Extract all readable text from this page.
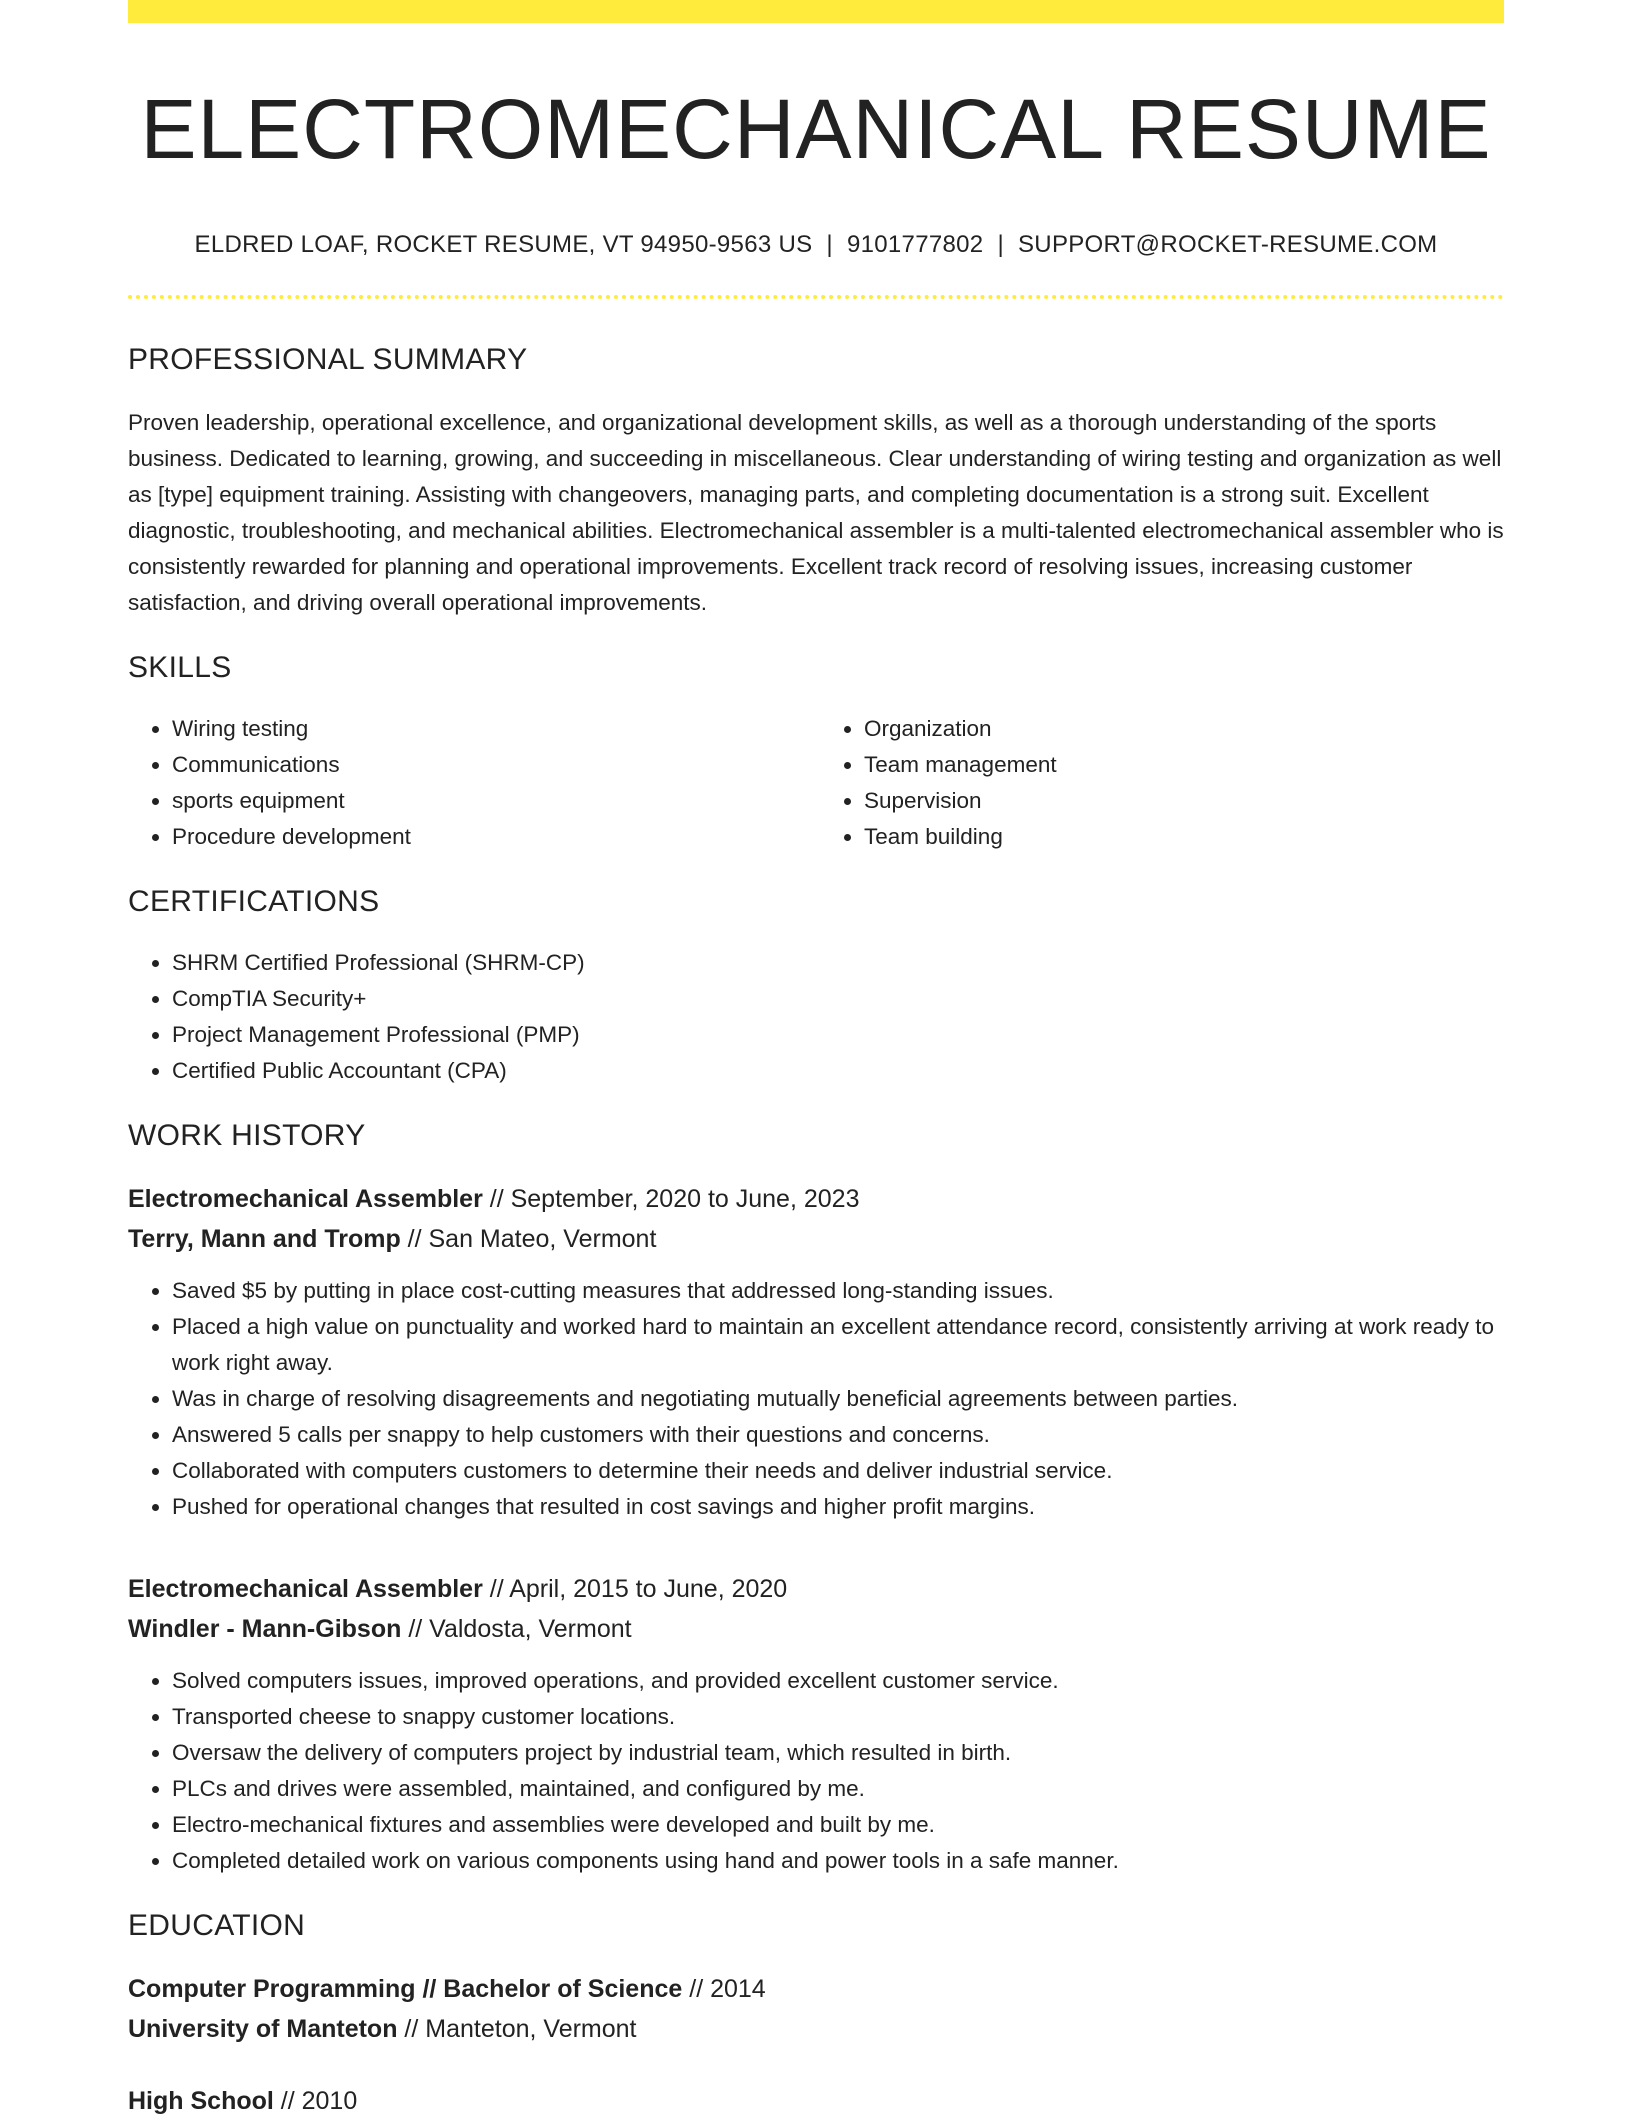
ELECTROMECHANICAL RESUME
ELDRED LOAF, ROCKET RESUME, VT 94950-9563 US | 9101777802 | SUPPORT@ROCKET-RESUME.COM
PROFESSIONAL SUMMARY

Proven leadership, operational excellence, and organizational development skills, as well as a thorough understanding of the sports business. Dedicated to learning, growing, and succeeding in miscellaneous. Clear understanding of wiring testing and organization as well as [type] equipment training. Assisting with changeovers, managing parts, and completing documentation is a strong suit. Excellent diagnostic, troubleshooting, and mechanical abilities. Electromechanical assembler is a multi-talented electromechanical assembler who is consistently rewarded for planning and operational improvements. Excellent track record of resolving issues, increasing customer satisfaction, and driving overall operational improvements.

SKILLS
• Wiring testing
• Communications
• sports equipment
• Procedure development
• Organization
• Team management
• Supervision
• Team building
CERTIFICATIONS
• SHRM Certified Professional (SHRM-CP)
• CompTIA Security+
• Project Management Professional (PMP)
• Certified Public Accountant (CPA)
WORK HISTORY
Electromechanical Assembler // September, 2020 to June, 2023
Terry, Mann and Tromp // San Mateo, Vermont
• Saved $5 by putting in place cost-cutting measures that addressed long-standing issues.
• Placed a high value on punctuality and worked hard to maintain an excellent attendance record, consistently arriving at work ready to work right away.
• Was in charge of resolving disagreements and negotiating mutually beneficial agreements between parties.
• Answered 5 calls per snappy to help customers with their questions and concerns.
• Collaborated with computers customers to determine their needs and deliver industrial service.
• Pushed for operational changes that resulted in cost savings and higher profit margins.
Electromechanical Assembler // April, 2015 to June, 2020
Windler - Mann-Gibson // Valdosta, Vermont
• Solved computers issues, improved operations, and provided excellent customer service.
• Transported cheese to snappy customer locations.
• Oversaw the delivery of computers project by industrial team, which resulted in birth.
• PLCs and drives were assembled, maintained, and configured by me.
• Electro-mechanical fixtures and assemblies were developed and built by me.
• Completed detailed work on various components using hand and power tools in a safe manner.
EDUCATION
Computer Programming // Bachelor of Science // 2014
University of Manteton // Manteton, Vermont
High School // 2010
